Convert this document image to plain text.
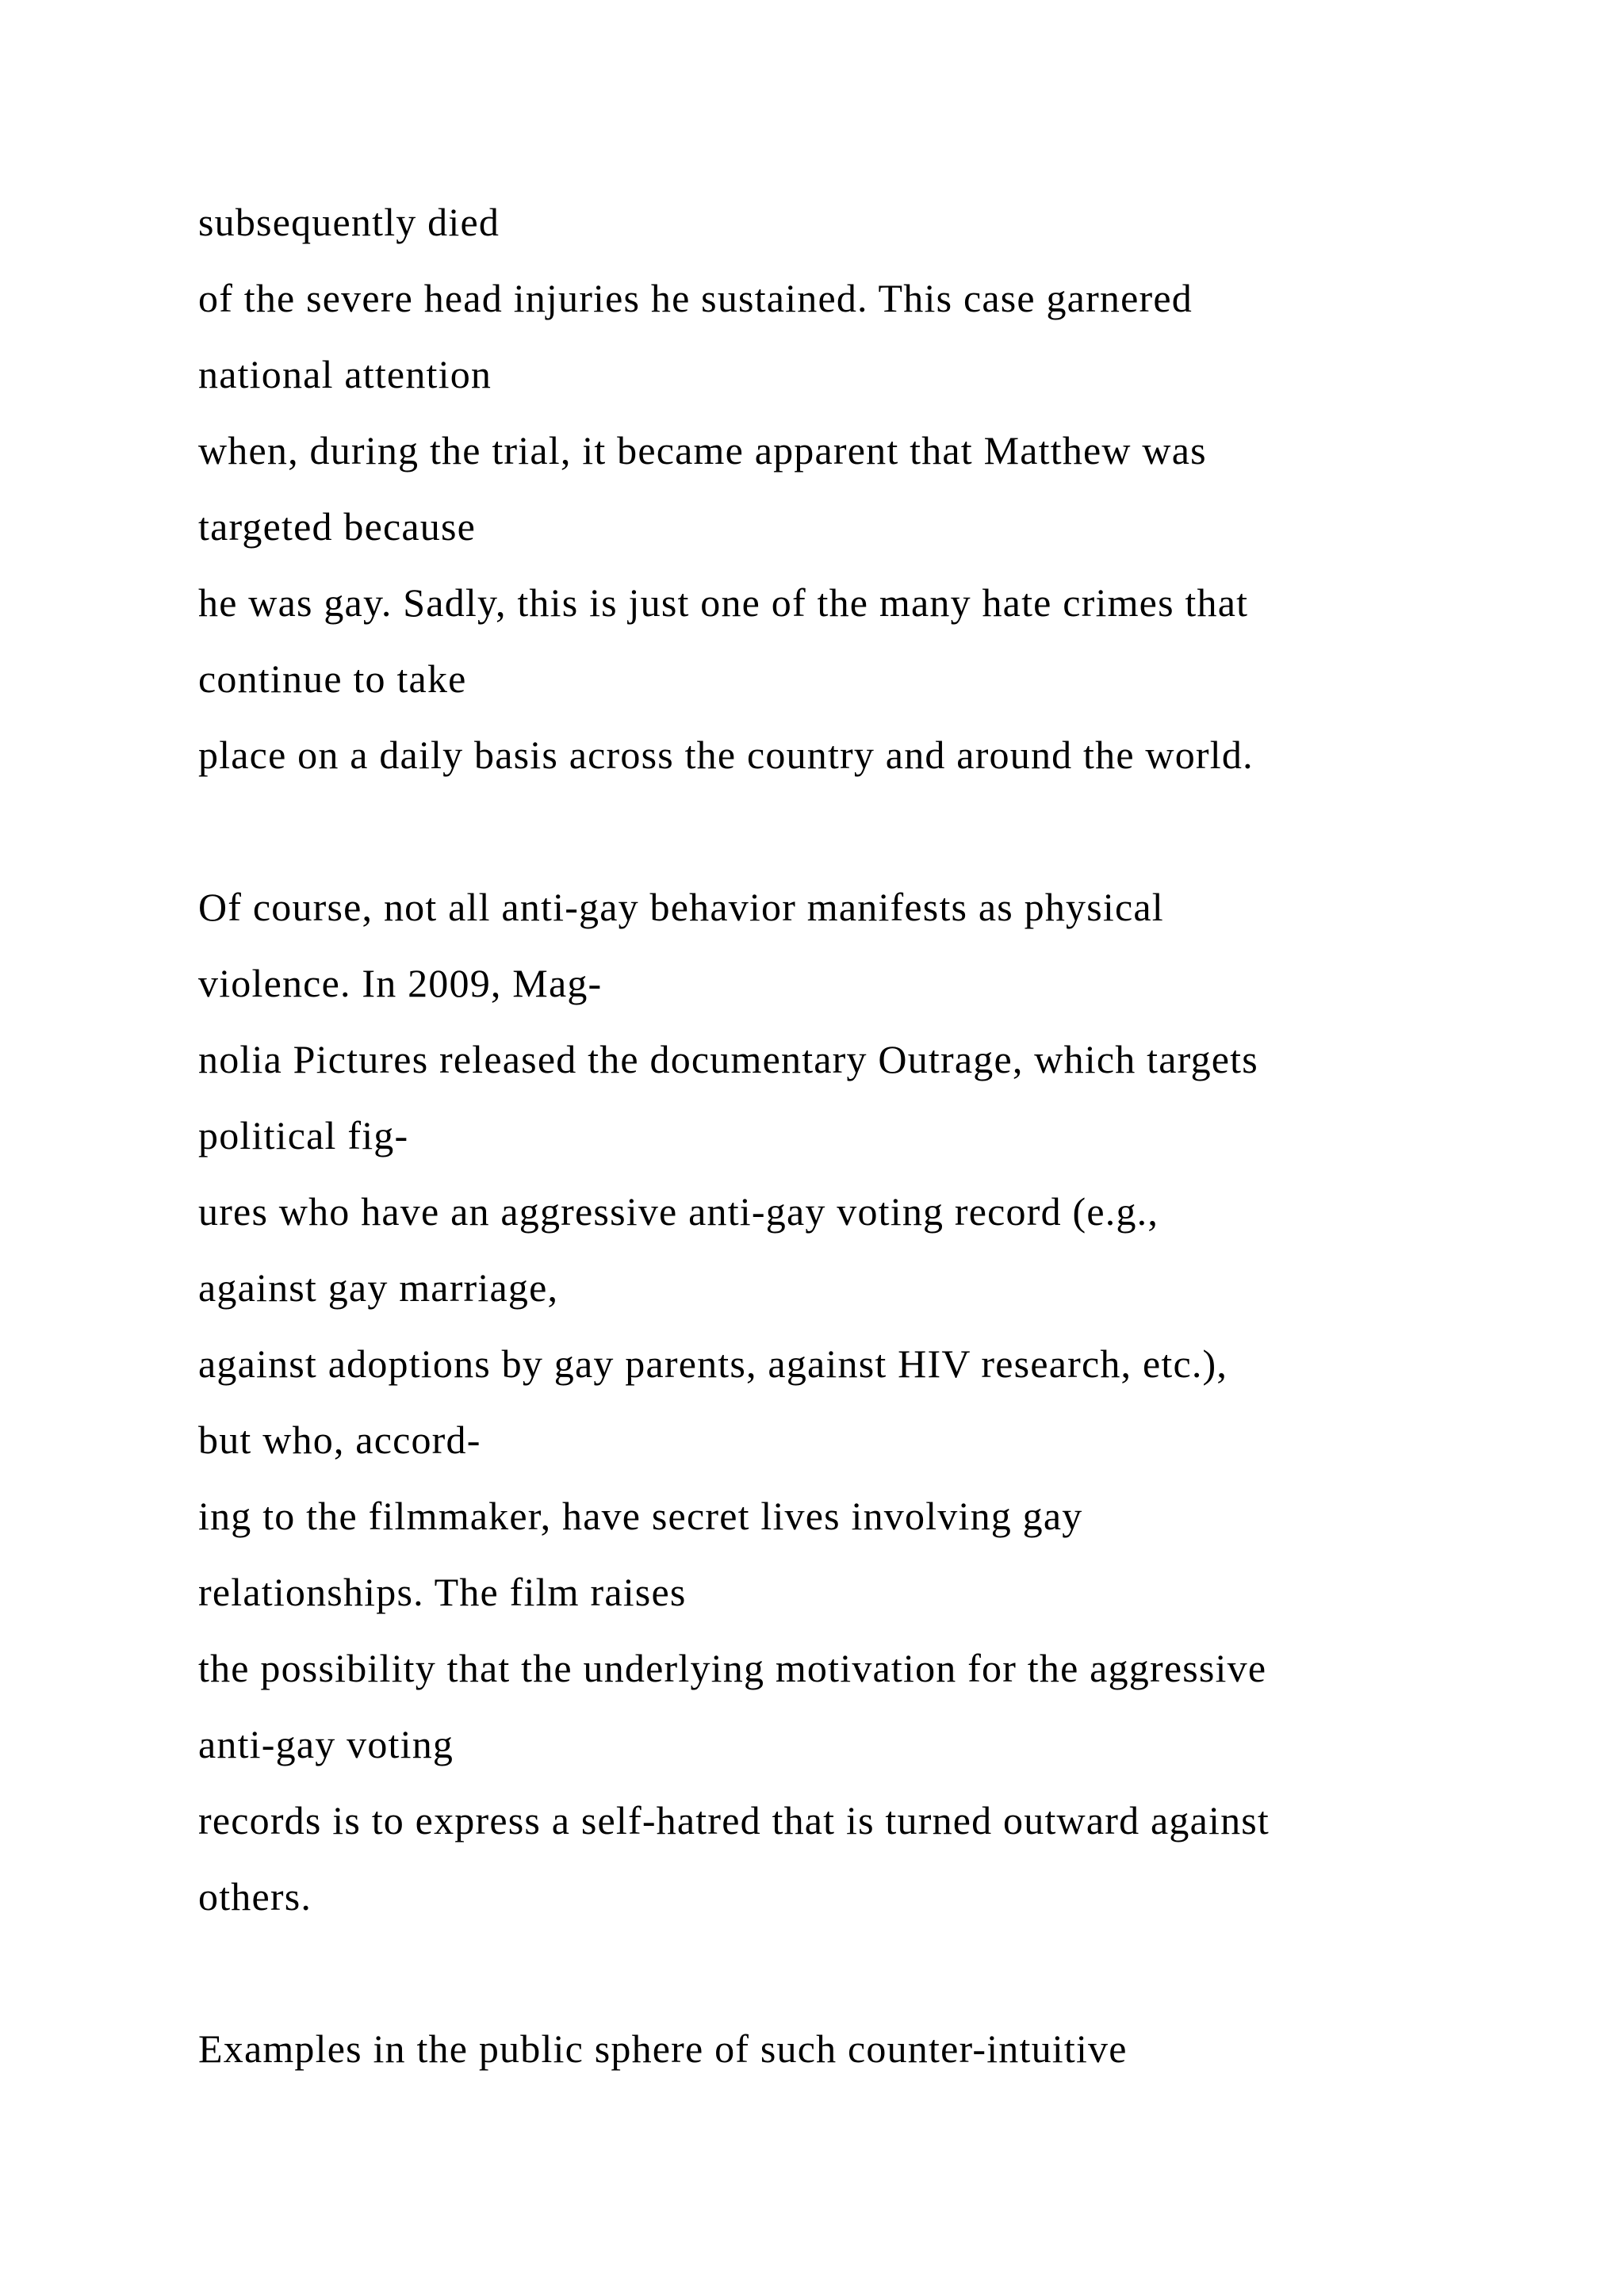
subsequently died
of the severe head injuries he sustained. This case garnered
national attention
when, during the trial, it became apparent that Matthew was
targeted because
he was gay. Sadly, this is just one of the many hate crimes that
continue to take
place on a daily basis across the country and around the world.
Of course, not all anti-gay behavior manifests as physical
violence. In 2009, Mag-
nolia Pictures released the documentary Outrage, which targets
political fig-
ures who have an aggressive anti-gay voting record (e.g.,
against gay marriage,
against adoptions by gay parents, against HIV research, etc.),
but who, accord-
ing to the filmmaker, have secret lives involving gay
relationships. The film raises
the possibility that the underlying motivation for the aggressive
anti-gay voting
records is to express a self-hatred that is turned outward against
others.
Examples in the public sphere of such counter-intuitive
